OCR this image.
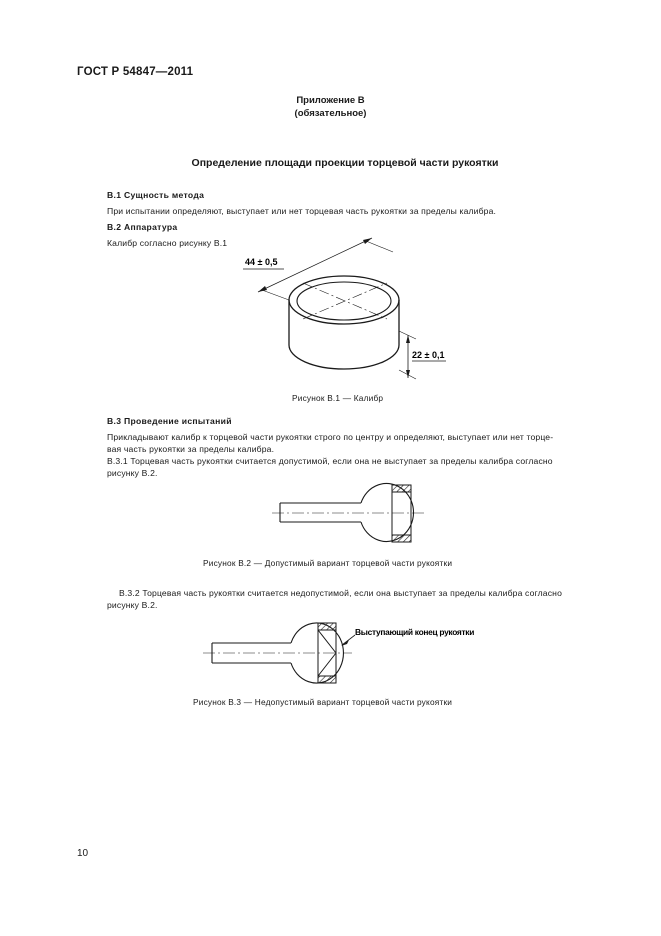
44 ± 0,5
22 ± 0,1
Выступающий конец рукоятки
ГОСТ Р 54847—2011
Приложение В
(обязательное)
Определение площади проекции торцевой части рукоятки
В.1 Сущность метода
При испытании определяют, выступает или нет торцевая часть рукоятки за пределы калибра.
В.2 Аппаратура
Калибр согласно рисунку В.1
Рисунок В.1 — Калибр
В.3 Проведение испытаний
Прикладывают калибр к торцевой части рукоятки строго по центру и определяют, выступает или нет торце-
вая часть рукоятки за пределы калибра.
В.3.1 Торцевая часть рукоятки считается допустимой, если она не выступает за пределы калибра согласно
рисунку В.2.
Рисунок В.2 — Допустимый вариант торцевой части рукоятки
В.3.2 Торцевая часть рукоятки считается недопустимой, если она выступает за пределы калибра согласно
рисунку В.2.
Рисунок В.3 — Недопустимый вариант торцевой части рукоятки
10
